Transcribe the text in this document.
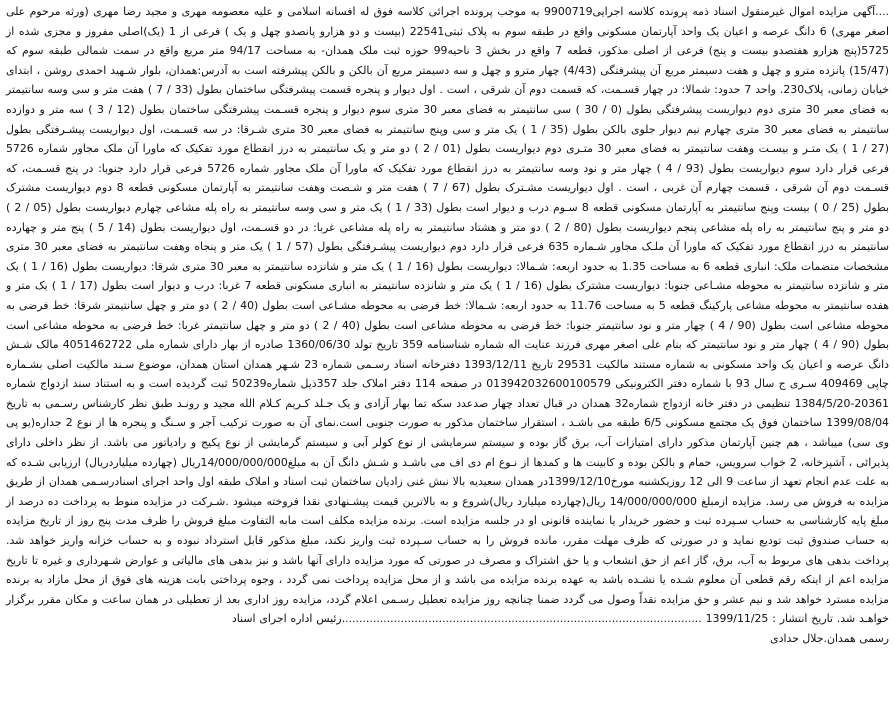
....آگهی مزایده اموال غیرمنقول اسناد ذمه پرونده کلاسه اجرایی9900719 به موجب پرونده اجرائی کلاسه فوق له افسانه اسلامی و علیه معصومه مهری و مجید رضا مهری (ورثه مرحوم علی اصغر مهری) 6 دانگ عرصه و اعیان یک واحد آپارتمان مسکونی واقع در طبقه سوم به پلاک ثبتی22541 (بیست و دو هزارو پانصدو چهل و یک ) فرعی از 1 (یک)اصلی مفروز و مجزی شده از 5725(پنج هزارو هفتصدو بیست و پنج) فرعی از اصلی مذکور، قطعه 7 واقع در بخش 3 ناحیه99 حوزه ثبت ملک همدان- به مساحت 94/17 متر مربع واقع در سمت شمالی طبقه سوم که (15/47) پانزده مترو و چهل و هفت دسیمتر مربع آن پیشرفتگی (4/43) چهار مترو و چهل و سه دسیمتر مربع آن بالکن و بالکن پیشرفته است به آدرس:همدان، بلوار شـهید احمدی روشن ، ابتدای خیابان زمانی، پلاک230. واحد 7 حدود: شمالا: در چهار قسـمت، که قسمت دوم آن شرقی ، است . اول دیوار و پنجره قسمت پیشرفتگی ساختمان بطول (33 / 7 ) هفت متر و سی وسه سانتیمتر به فضای معبر 30 متری دوم دیواریست پیشرفتگی بطول (0 / 30 ) سی سانتیمتر به فضای معبر 30 متری سوم دیوار و پنجره قسـمت پیشرفتگی ساختمان بطول (12 / 3 ) سه متر و دوازده سانتیمتر به فضای معبر 30 متری چهارم نیم دیوار جلوی بالکن بطول (35 / 1 ) یک متر و سی وپنج سانتیمتر به فضای معبر 30 متری شـرقا: در سه قسـمت، اول دیواریست پیشـرفتگی بطول (27 / 1 ) یک متـر و بیسـت وهفت سانتیمتر به فضای معبر 30 متـری دوم دیواریست بطول (01 / 2 ) دو متر و یک سانتیمتر به درز انقطاع مورد تفکیک که ماورا آن ملک مجاور شماره 5726 فرعی قرار دارد سوم دیواریست بطول (93 / 4 ) چهار متر و نود وسه سانتیمتر به درز انقطاع مورد تفکیک که ماورا آن ملک مجاور شماره 5726 فرعی قرار دارد جنوبا: در پنج قسـمت، که قسـمت دوم آن شرقی ، قسمت چهارم آن غربی ، است . اول دیواریست مشـترک بطول (67 / 7 ) هفت متر و شـصت وهفت سانتیمتر به آپارتمان مسکونی قطعه 8 دوم دیواریست مشترک بطول (25 / 0 ) بیست وپنج سانتیمتر به آپارتمان مسکونی قطعه 8 سـوم درب و دیوار است بطول (33 / 1 ) یک متر و سی وسه سانتیمتر به راه پله مشاعی چهارم دیواریست بطول (05 / 2 ) دو متر و پنج سانتیمتر به راه پله مشاعی پنجم دیواریست بطول (80 / 2 ) دو متر و هشتاد سانتیمتر به راه پله مشاعی غربا: در دو قسـمت، اول دیواریست بطول (14 / 5 ) پنج متر و چهارده سانتیمتر به درز انقطاع مورد تفکیک که ماورا آن ملـک مجاور شـماره 635 فرعی قرار دارد دوم دیواریست پیشـرفتگی بطول (57 / 1 ) یک متر و پنجاه وهفت سانتیمتر به فضای معبر 30 متری مشخصات منضمات ملک: انباری قطعه 6 به مساحت 1.35 به حدود اربعه: شـمالا: دیواریست بطول (16 / 1 ) یک متر و شانزده سانتیمتر به معبر 30 متری شرقا: دیواریست بطول (16 / 1 ) یک متر و شانزده سانتیمتر به محوطه مشـاعی جنوبا: دیواریست مشترک بطول (16 / 1 ) یک متر و شانزده سانتیمتر به انباری مسکونی قطعه 7 غربا: درب و دیوار است بطول (17 / 1 ) یک متر و هفده سانتیمتر به محوطه مشاعی پارکینگ قطعه 5 به مساحت 11.76 به حدود اربعه: شـمالا: خط فرضی به محوطه مشـاعی است بطول (40 / 2 ) دو متر و چهل سانتیمتر شرقا: خط فرضی به محوطه مشاعی است بطول (90 / 4 ) چهار متر و نود سانتیمتر جنوبا: خط فرضی به محوطه مشاعی است بطول (40 / 2 ) دو متر و چهل سانتیمتر غربا: خط فرضی به محوطه مشاعی است بطول (90 / 4 ) چهار متر و نود سانتیمتر که بنام علی اصغر مهری فرزند عنایت اله شماره شناسنامه 359 تاریخ تولد 1360/06/30 صادره از بهار دارای شماره ملی 4051462722 مالک شـش دانگ عرصه و اعیان یک واحد مسکونی به شماره مستند مالکیت 29531 تاریخ 1393/12/11 دفترخانه اسناد رسـمی شماره 23 شـهر همدان استان همدان، موضوع سـند مالکیت اصلی بشـماره چاپی 409469 سـری ج سال 93 با شماره دفتر الکترونیکی 013942032600100579 در صفحه 114 دفتر املاک جلد 357ذیل شماره50239 ثبت گردیده است و به استناد سند ازدواج شماره 20361-1384/5/20 تنظیمی در دفتر خانه ازدواج شماره32 همدان در قبال تعداد چهار صدعدد سکه تما بهار آزادی و یک جـلد کـریم کـلام الله مجید و رونـد طبق نظر کارشناس رسـمی به تاریخ 1399/08/04 ساختمان فوق یک مجتمع مسکونی 6/5 طبقه می باشـد ، استقرار ساختمان مذکور به صورت جنوبی است.نمای آن به صورت ترکیب آجر و سـنگ و پنجره ها از نوع 2 جداره(یو پی وی سی) میباشد ، هم چنین آپارتمان مذکور دارای امتیازات آب، برق گاز بوده و سیستم سرمایشی از نوع کولر آبی و سیستم گرمایشی از نوع پکیج و رادیاتور می باشد. از نظر داخلی دارای پذیرائی ، آشپزخانه، 2 خواب سرویس، حمام و بالکن بوده و کابینت ها و کمدها از نـوع ام دی اف می باشـد و شـش دانگ آن به مبلغ14/000/000/000ریال (چهارده میلیاردریال) ارزیابی شـده که به علت عدم انجام تعهد از ساعت 9 الی 12 روزیکشنبه مورخ1399/12/10در همدان سعیدیه بالا نبش غنی زادیان ساختمان ثبت اسناد و املاک طبقه اول واحد اجرای اسنادرسـمی همدان از طریق مزایده به فروش می رسد. مزایده ازمبلغ 14/000/000/000 ریال(چهارده میلیارد ریال)شروع و به بالاترین قیمت پیشـنهادی نقدا فروخته میشود .شـرکت در مزایده منوط به پرداخت ده درصد از مبلغ پایه کارشناسی به حساب سـپرده ثبت و حضور خریدار یا نماینده قانونی او در جلسه مزایده است. برنده مزایده مکلف است مابه التفاوت مبلغ فروش را ظرف مدت پنج روز از تاریخ مزایده به حساب صندوق ثبت تودیع نماید و در صورتی که ظرف مهلت مقرر، مانده فروش را به حساب سـپرده ثبت واریز نکند، مبلغ مذکور قابل استرداد نبوده و به حساب خزانه واریز خواهد شد. پرداخت بدهی های مربوط به آب، برق، گاز اعم از حق انشعاب و یا حق اشتراک و مصرف در صورتی که مورد مزایده دارای آنها باشد و نیز بدهی های مالیاتی و عوارض شـهرداری و غیره تا تاریخ مزایده اعم از اینکه رقم قطعی آن معلوم شـده یا نشـده باشد به عهده برنده مزایده می باشد و از محل مزایده پرداخت نمی گردد ، وجوه پرداختی بابت هزینه های فوق از محل مازاد به برنده مزایده مسترد خواهد شد و نیم عشر و حق مزایده نقداً وصول می گردد ضمنا چنانچه روز مزایده تعطیل رسـمی اعلام گردد، مزایده روز اداری بعد از تعطیلی در همان ساعت و مکان مقرر برگزار خواهـد شد. تاریخ انتشار : 1399/11/25 ........................................................................................................رئیس اداره اجرای اسناد

رسمی همدان.جلال حدادی
